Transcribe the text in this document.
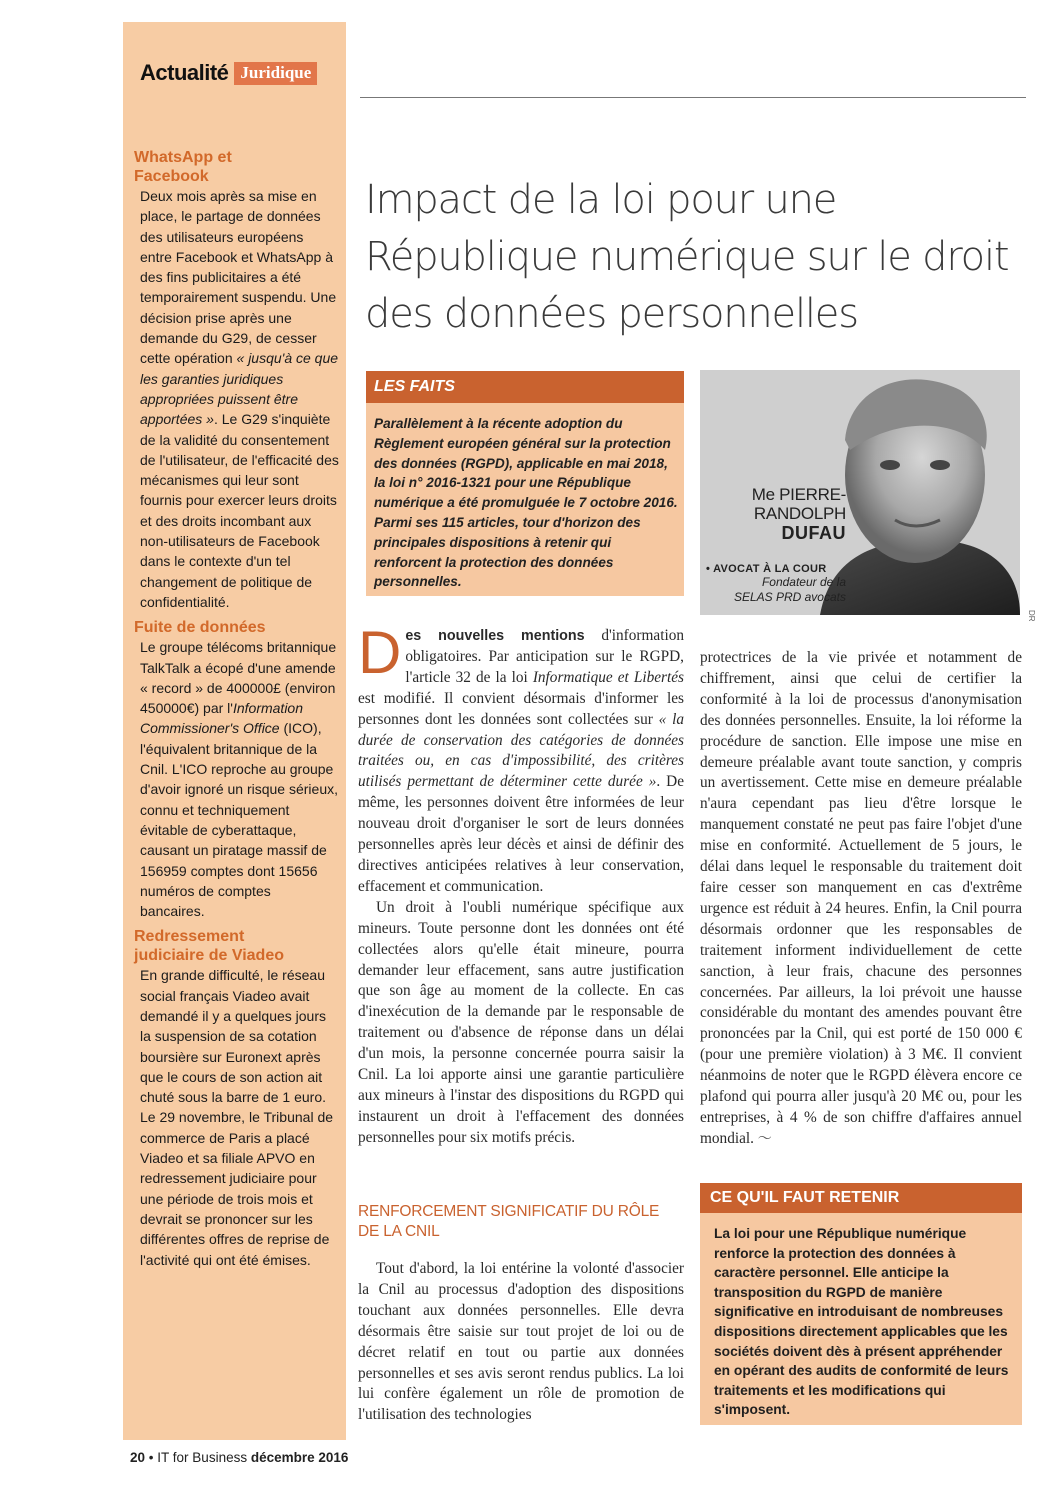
Actualité Juridique
WhatsApp et Facebook
Deux mois après sa mise en place, le partage de données des utilisateurs européens entre Facebook et WhatsApp à des fins publicitaires a été temporairement suspendu. Une décision prise après une demande du G29, de cesser cette opération « jusqu'à ce que les garanties juridiques appropriées puissent être apportées ». Le G29 s'inquiète de la validité du consentement de l'utilisateur, de l'efficacité des mécanismes qui leur sont fournis pour exercer leurs droits et des droits incombant aux non-utilisateurs de Facebook dans le contexte d'un tel changement de politique de confidentialité.
Fuite de données
Le groupe télécoms britannique TalkTalk a écopé d'une amende « record » de 400000£ (environ 450000€) par l'Information Commissioner's Office (ICO), l'équivalent britannique de la Cnil. L'ICO reproche au groupe d'avoir ignoré un risque sérieux, connu et techniquement évitable de cyberattaque, causant un piratage massif de 156959 comptes dont 15656 numéros de comptes bancaires.
Redressement judiciaire de Viadeo
En grande difficulté, le réseau social français Viadeo avait demandé il y a quelques jours la suspension de sa cotation boursière sur Euronext après que le cours de son action ait chuté sous la barre de 1 euro. Le 29 novembre, le Tribunal de commerce de Paris a placé Viadeo et sa filiale APVO en redressement judiciaire pour une période de trois mois et devrait se prononcer sur les différentes offres de reprise de l'activité qui ont été émises.
Impact de la loi pour une République numérique sur le droit des données personnelles
LES FAITS
Parallèlement à la récente adoption du Règlement européen général sur la protection des données (RGPD), applicable en mai 2018, la loi n° 2016-1321 pour une République numérique a été promulguée le 7 octobre 2016. Parmi ses 115 articles, tour d'horizon des principales dispositions à retenir qui renforcent la protection des données personnelles.
Me PIERRE-
RANDOLPH
DUFAU
• AVOCAT À LA COUR
Fondateur de la
SELAS PRD avocats
DR

Des nouvelles mentions d'information obligatoires. Par anticipation sur le RGPD, l'article 32 de la loi Informatique et Libertés est modifié. Il convient désormais d'informer les personnes dont les données sont collectées sur « la durée de conservation des catégories de données traitées ou, en cas d'impossibilité, des critères utilisés permettant de déterminer cette durée ». De même, les personnes doivent être informées de leur nouveau droit d'organiser le sort de leurs données personnelles après leur décès et ainsi de définir des directives anticipées relatives à leur conservation, effacement et communication.

Un droit à l'oubli numérique spécifique aux mineurs. Toute personne dont les données ont été collectées alors qu'elle était mineure, pourra demander leur effacement, sans autre justification que son âge au moment de la collecte. En cas d'inexécution de la demande par le responsable de traitement ou d'absence de réponse dans un délai d'un mois, la personne concernée pourra saisir la Cnil. La loi apporte ainsi une garantie particulière aux mineurs à l'instar des dispositions du RGPD qui instaurent un droit à l'effacement des données personnelles pour six motifs précis.

RENFORCEMENT SIGNIFICATIF DU RÔLE DE LA CNIL

Tout d'abord, la loi entérine la volonté d'associer la Cnil au processus d'adoption des dispositions touchant aux données personnelles. Elle devra désormais être saisie sur tout projet de loi ou de décret relatif en tout ou partie aux données personnelles et ses avis seront rendus publics. La loi lui confère également un rôle de promotion de l'utilisation des technologies

protectrices de la vie privée et notamment de chiffrement, ainsi que celui de certifier la conformité à la loi de processus d'anonymisation des données personnelles. Ensuite, la loi réforme la procédure de sanction. Elle impose une mise en demeure préalable avant toute sanction, y compris un avertissement. Cette mise en demeure préalable n'aura cependant pas lieu d'être lorsque le manquement constaté ne peut pas faire l'objet d'une mise en conformité. Actuellement de 5 jours, le délai dans lequel le responsable du traitement doit faire cesser son manquement en cas d'extrême urgence est réduit à 24 heures. Enfin, la Cnil pourra désormais ordonner que les responsables de traitement informent individuellement de cette sanction, à leur frais, chacune des personnes concernées. Par ailleurs, la loi prévoit une hausse considérable du montant des amendes pouvant être prononcées par la Cnil, qui est porté de 150 000 € (pour une première violation) à 3 M€. Il convient néanmoins de noter que le RGPD élèvera encore ce plafond qui pourra aller jusqu'à 20 M€ ou, pour les entreprises, à 4 % de son chiffre d'affaires annuel mondial. 〜

CE QU'IL FAUT RETENIR
La loi pour une République numérique renforce la protection des données à caractère personnel. Elle anticipe la transposition du RGPD de manière significative en introduisant de nombreuses dispositions directement applicables que les sociétés doivent dès à présent appréhender en opérant des audits de conformité de leurs traitements et les modifications qui s'imposent.
20 • IT for Business décembre 2016
